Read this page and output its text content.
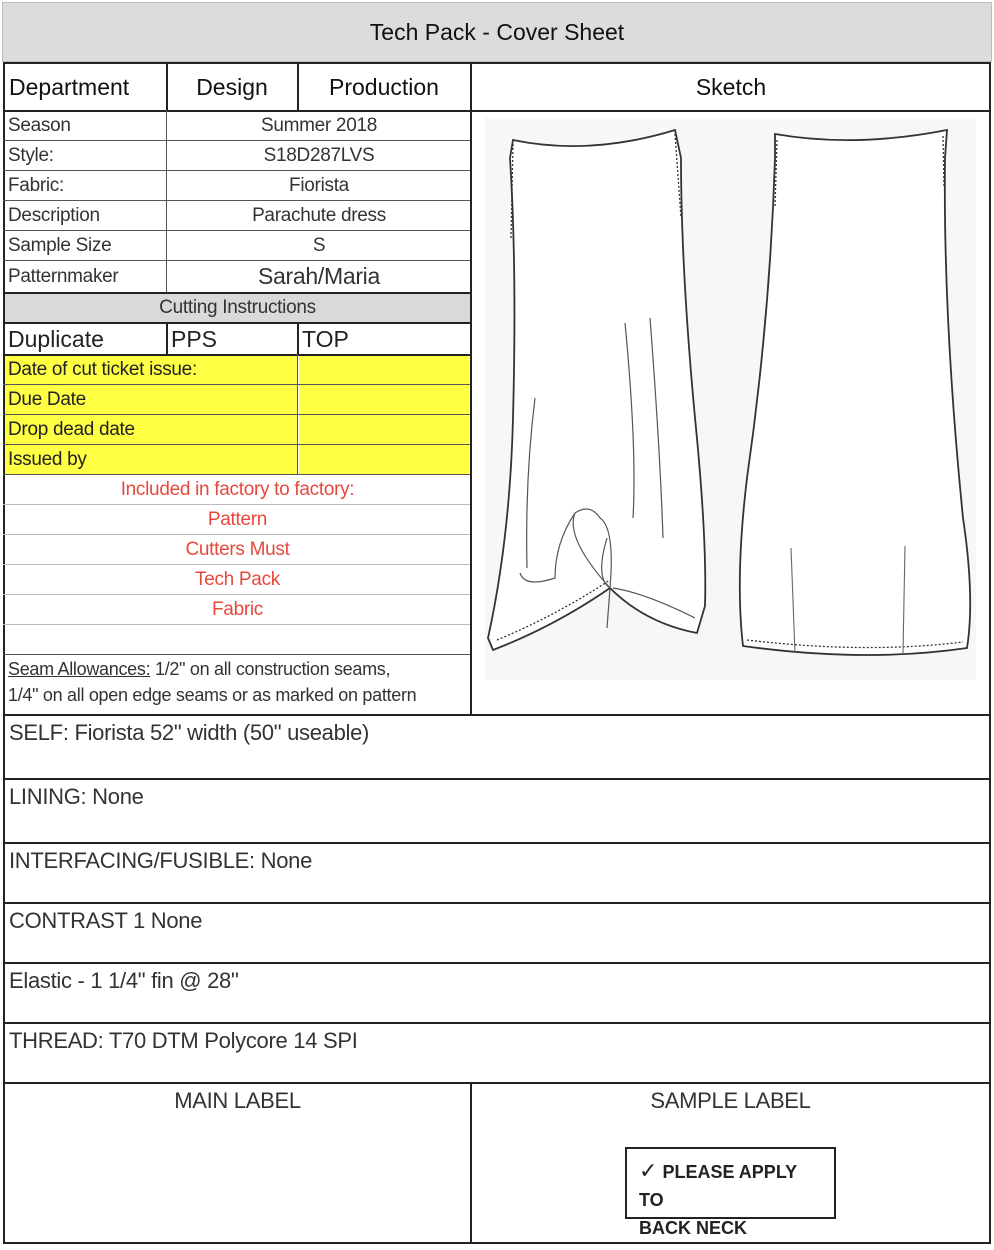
Tech Pack - Cover Sheet
Department	Design	Production	Sketch
Season	Summer 2018
Style:	S18D287LVS
Fabric:	Fiorista
Description	Parachute dress
Sample Size	S
Patternmaker	Sarah/Maria
Cutting Instructions
Duplicate	PPS	TOP
Date of cut ticket issue:
Due Date
Drop dead date
Issued by
Included in factory to factory:
Pattern
Cutters Must
Tech Pack
Fabric
Seam Allowances: 1/2" on all construction seams,
1/4" on all open edge seams or as marked on pattern
SELF: Fiorista 52" width (50" useable)
LINING: None
INTERFACING/FUSIBLE: None
CONTRAST 1 None
Elastic - 1 1/4" fin @ 28"
THREAD: T70 DTM Polycore 14 SPI
MAIN LABEL	SAMPLE LABEL
✓ PLEASE APPLY TO
BACK NECK
